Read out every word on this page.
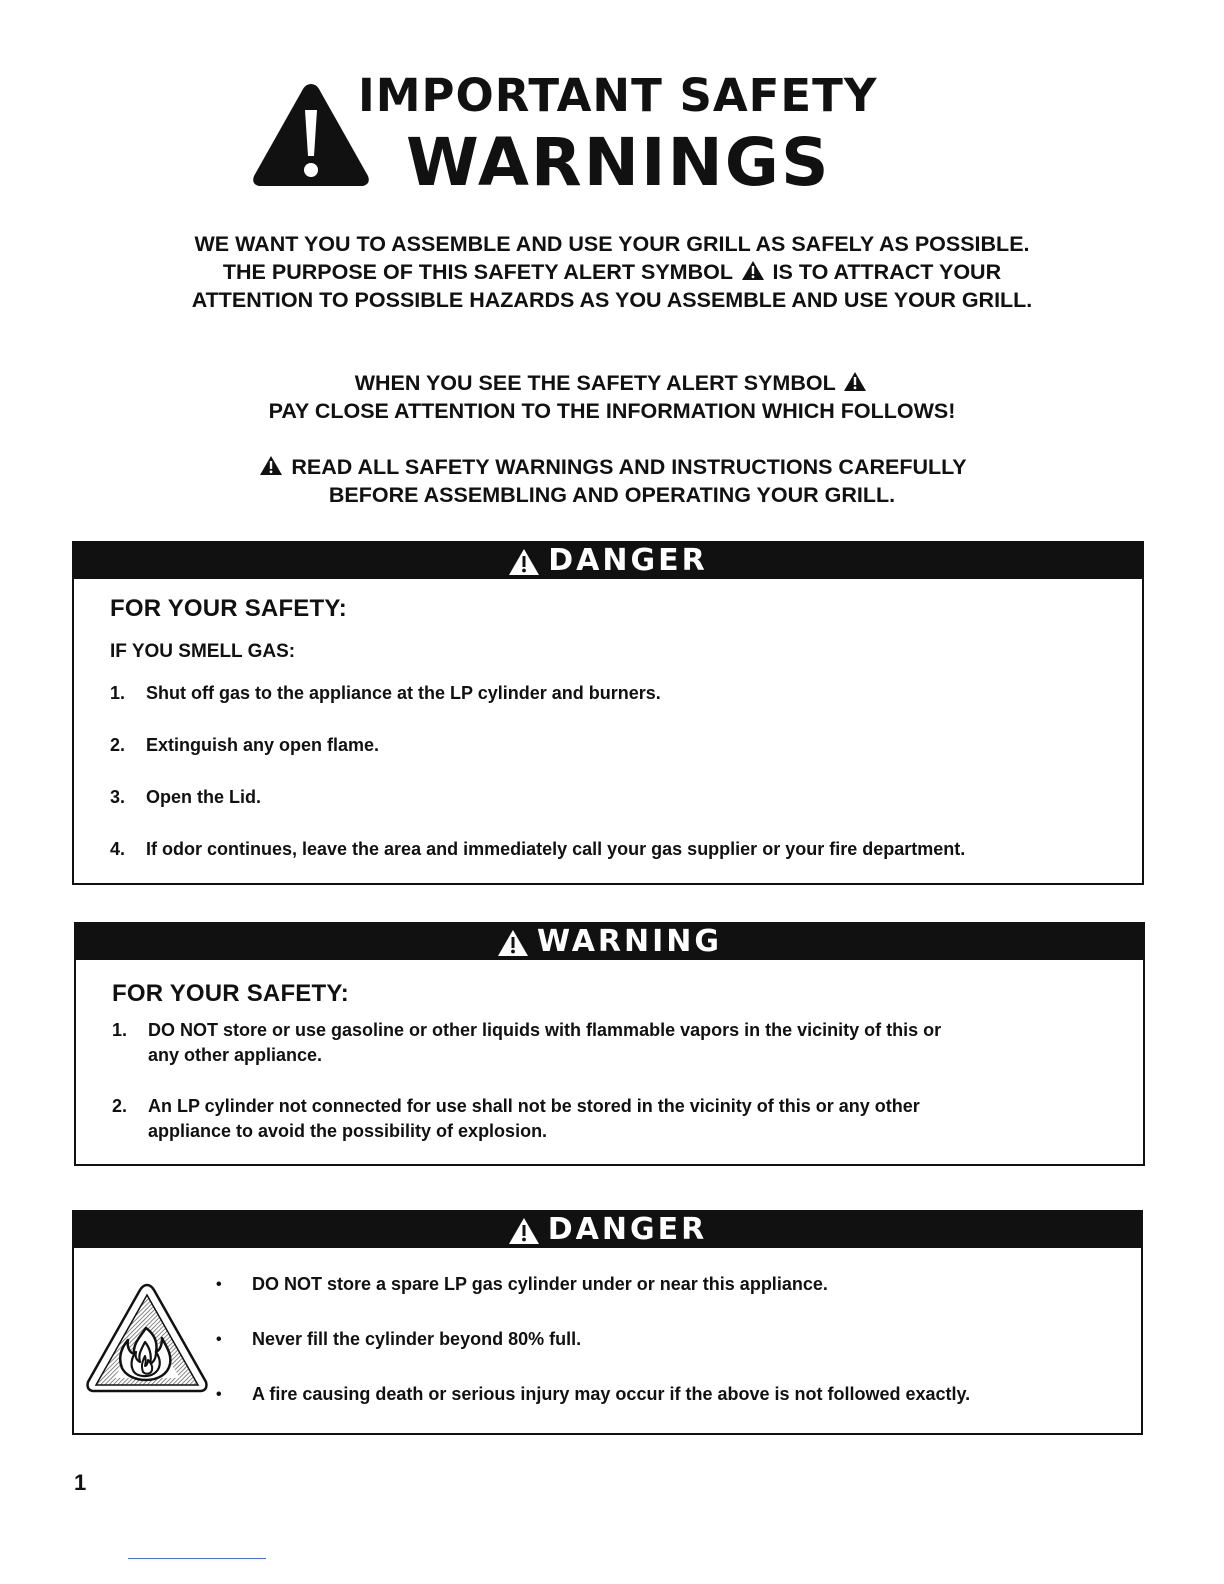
IMPORTANT SAFETY
WARNINGS
WE WANT YOU TO ASSEMBLE AND USE YOUR GRILL AS SAFELY AS POSSIBLE.
THE PURPOSE OF THIS SAFETY ALERT SYMBOL IS TO ATTRACT YOUR
ATTENTION TO POSSIBLE HAZARDS AS YOU ASSEMBLE AND USE YOUR GRILL.
WHEN YOU SEE THE SAFETY ALERT SYMBOL
PAY CLOSE ATTENTION TO THE INFORMATION WHICH FOLLOWS!
READ ALL SAFETY WARNINGS AND INSTRUCTIONS CAREFULLY
BEFORE ASSEMBLING AND OPERATING YOUR GRILL.
DANGER
FOR YOUR SAFETY:
IF YOU SMELL GAS:
1. Shut off gas to the appliance at the LP cylinder and burners.
2. Extinguish any open flame.
3. Open the Lid.
4. If odor continues, leave the area and immediately call your gas supplier or your fire department.
WARNING
FOR YOUR SAFETY:
1. DO NOT store or use gasoline or other liquids with flammable vapors in the vicinity of this or
any other appliance.
2. An LP cylinder not connected for use shall not be stored in the vicinity of this or any other
appliance to avoid the possibility of explosion.
DANGER
• DO NOT store a spare LP gas cylinder under or near this appliance.
• Never fill the cylinder beyond 80% full.
• A fire causing death or serious injury may occur if the above is not followed exactly.
1
